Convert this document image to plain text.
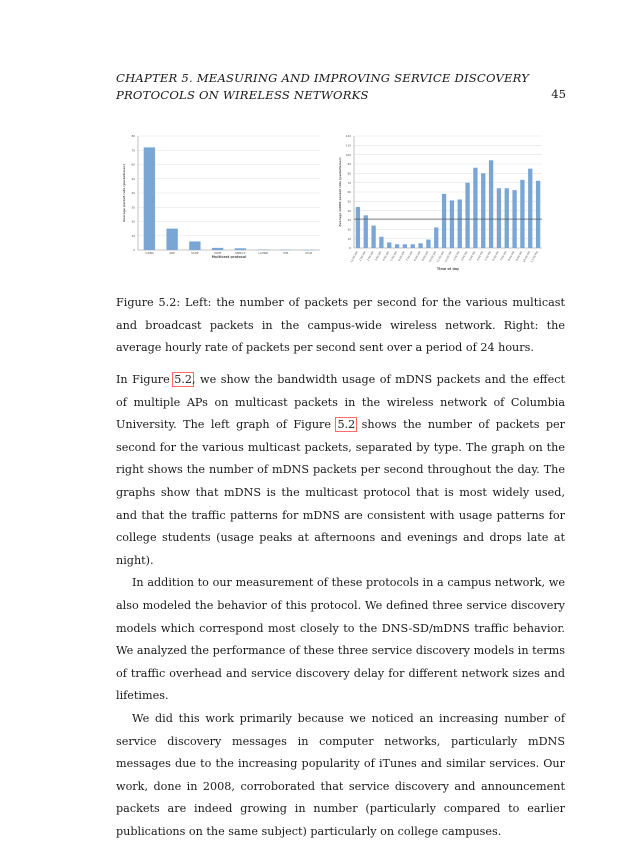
CHAPTER 5. MEASURING AND IMPROVING SERVICE DISCOVERY
PROTOCOLS ON WIRELESS NETWORKS	45
0
10
20
30
40
50
60
70
80
mDNS	ARP	SSDP	IGMP	SMB/LC	LLMNR	PIM	UPnP
Multicast protocol
Average packet rate (packets/sec)
0
10
20
30
40
50
60
70
80
90
100
110
120
12:00 AM 1:00 AM 2:00 AM 3:00 AM 4:00 AM 5:00 AM 6:00 AM 7:00 AM 8:00 AM 9:00 AM 10:00 AM 11:00 AM 12:00 PM 1:00 PM 2:00 PM 3:00 PM 4:00 PM 5:00 PM 6:00 PM 7:00 PM 8:00 PM 9:00 PM 10:00 PM 11:00 PM
Time of day
Average mDNS packet rate (packets/sec)
Figure 5.2: Left: the number of packets per second for the various multicast and broadcast packets in the campus-wide wireless network. Right: the average hourly rate of packets per second sent over a period of 24 hours.

In Figure 5.2, we show the bandwidth usage of mDNS packets and the effect of multiple APs on multicast packets in the wireless network of Columbia University. The left graph of Figure 5.2 shows the number of packets per second for the various multicast packets, separated by type. The graph on the right shows the number of mDNS packets per second throughout the day. The graphs show that mDNS is the multicast protocol that is most widely used, and that the traffic patterns for mDNS are consistent with usage patterns for college students (usage peaks at afternoons and evenings and drops late at night).

In addition to our measurement of these protocols in a campus network, we also modeled the behavior of this protocol. We defined three service discovery models which correspond most closely to the DNS-SD/mDNS traffic behavior. We analyzed the performance of these three service discovery models in terms of traffic overhead and service discovery delay for different network sizes and lifetimes.

We did this work primarily because we noticed an increasing number of service discovery messages in computer networks, particularly mDNS messages due to the increasing popularity of iTunes and similar services. Our work, done in 2008, corroborated that service discovery and announcement packets are indeed growing in number (particularly compared to earlier publications on the same subject) particularly on college campuses.
